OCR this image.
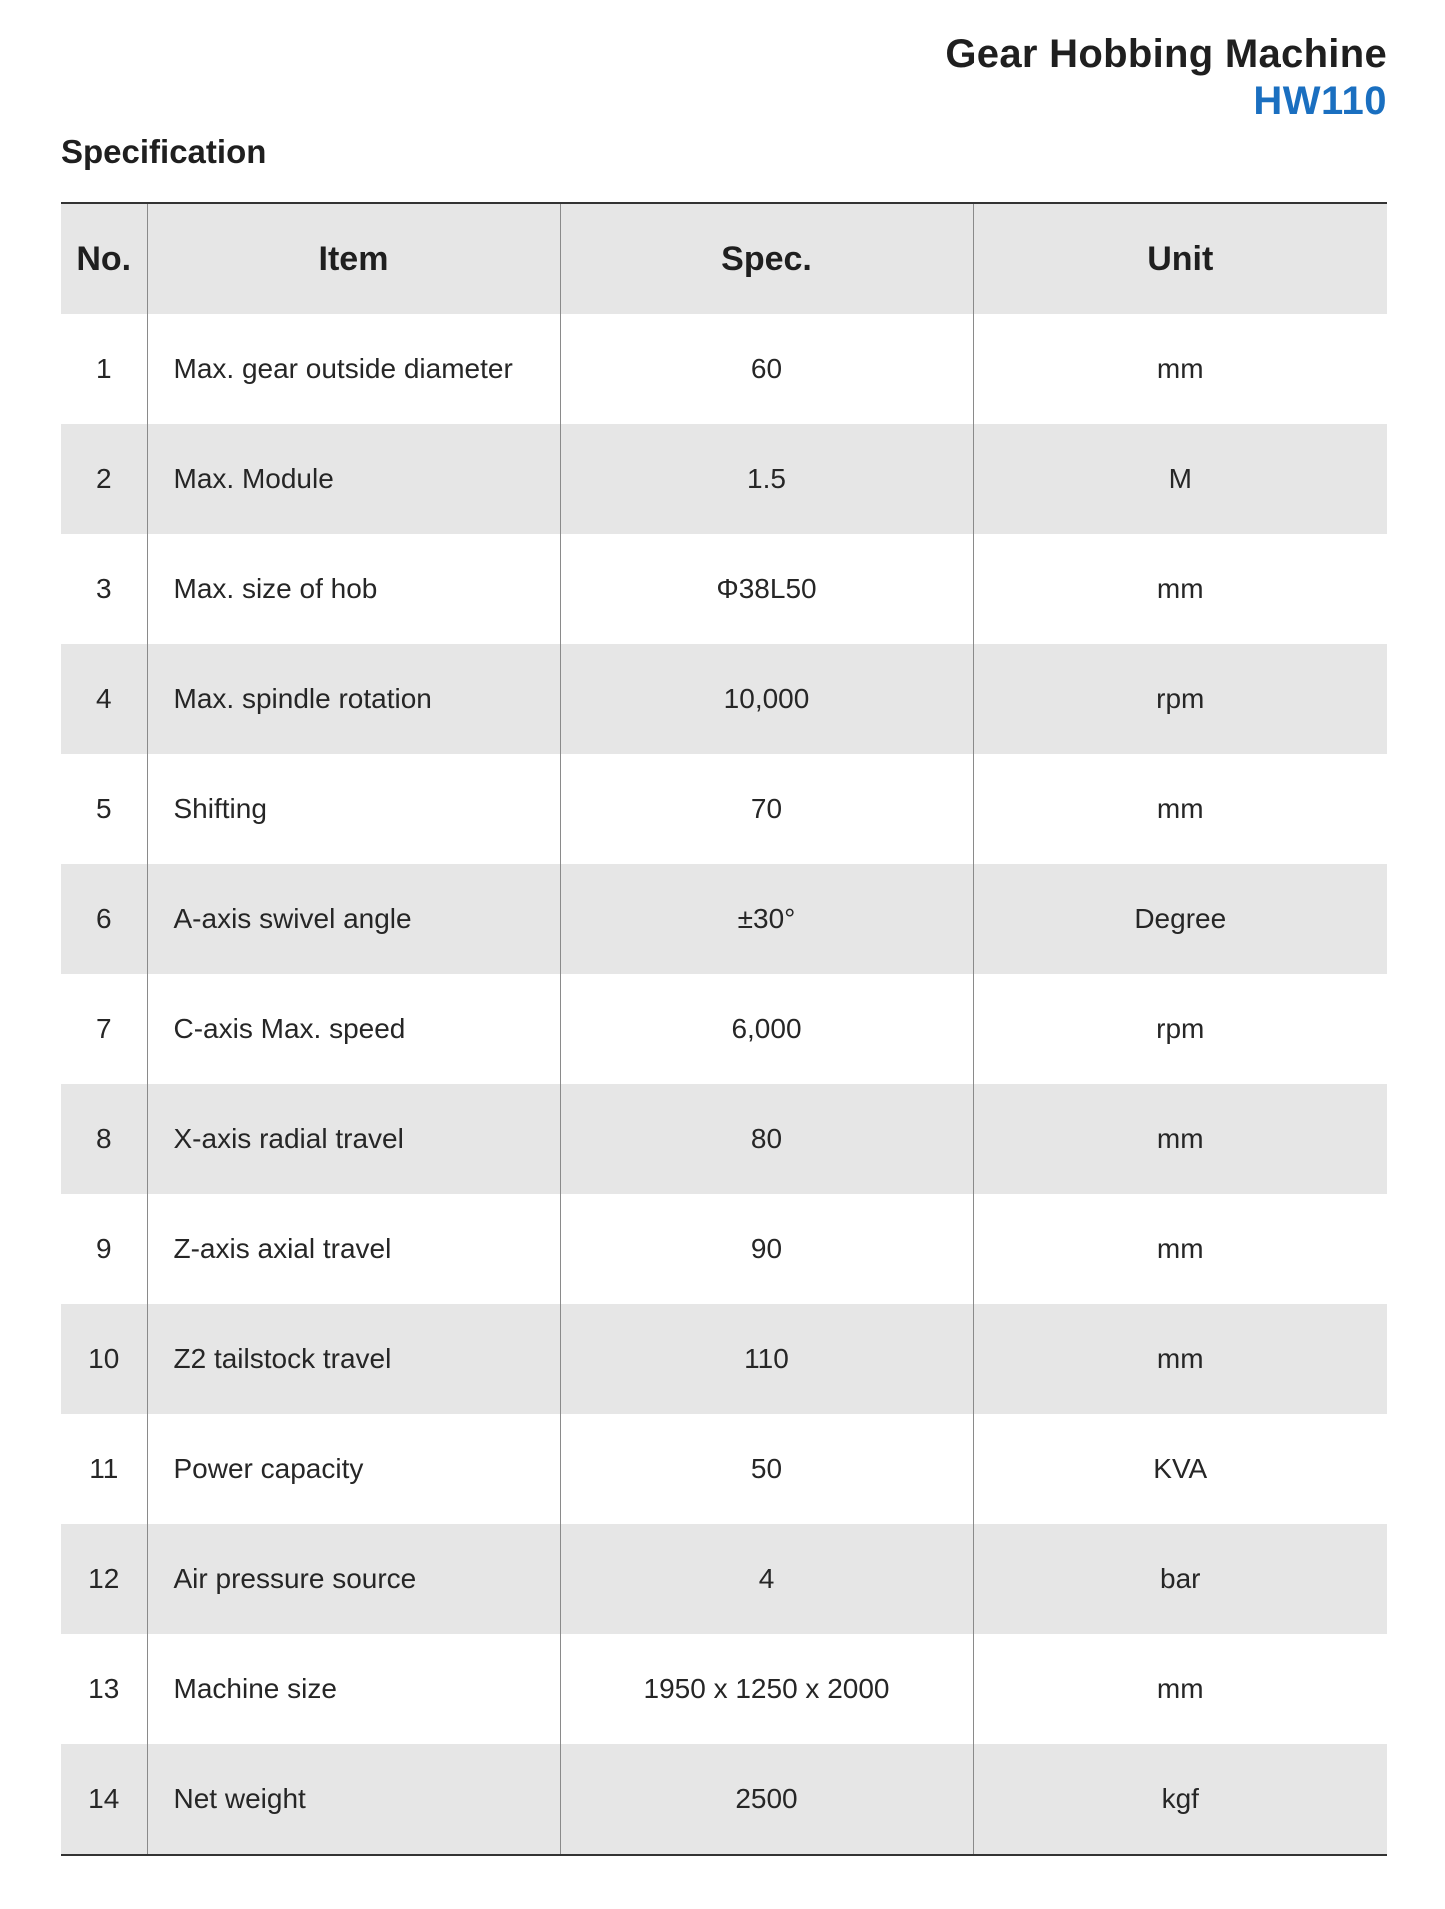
Gear Hobbing Machine
HW110
Specification
No.	Item	Spec.	Unit
1	Max. gear outside diameter	60	mm
2	Max. Module	1.5	M
3	Max. size of hob	Φ38L50	mm
4	Max. spindle rotation	10,000	rpm
5	Shifting	70	mm
6	A-axis swivel angle	±30°	Degree
7	C-axis Max. speed	6,000	rpm
8	X-axis radial travel	80	mm
9	Z-axis axial travel	90	mm
10	Z2 tailstock travel	110	mm
11	Power capacity	50	KVA
12	Air pressure source	4	bar
13	Machine size	1950 x 1250 x 2000	mm
14	Net weight	2500	kgf
